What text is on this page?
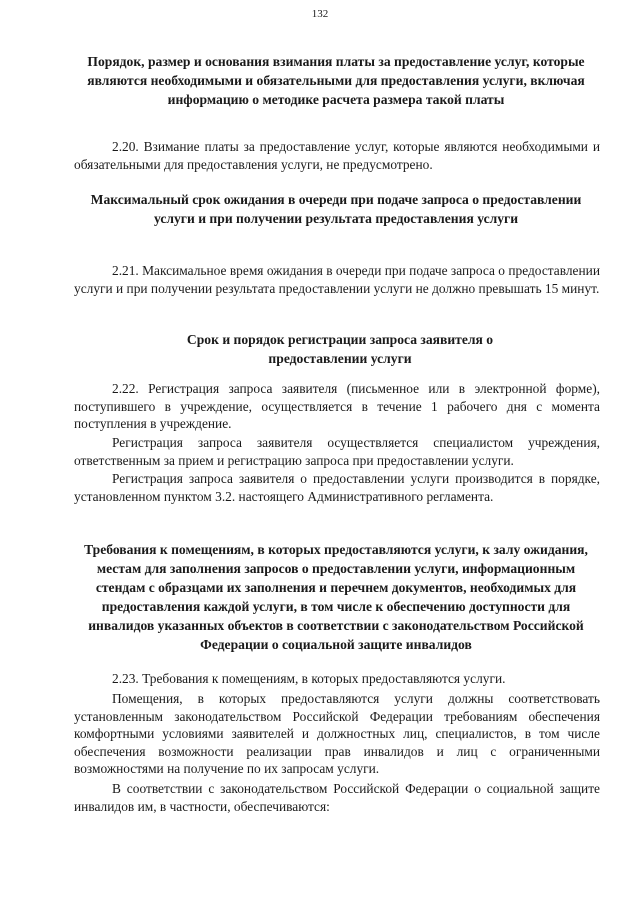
132
Порядок, размер и основания взимания платы за предоставление услуг, которые являются необходимыми и обязательными для предоставления услуги, включая информацию о методике расчета размера такой платы
2.20. Взимание платы за предоставление услуг, которые являются необходимыми и обязательными для предоставления услуги, не предусмотрено.
Максимальный срок ожидания в очереди при подаче запроса о предоставлении услуги и при получении результата предоставления услуги
2.21. Максимальное время ожидания в очереди при подаче запроса о предоставлении услуги и при получении результата предоставлении услуги не должно превышать 15 минут.
Срок и порядок регистрации запроса заявителя о предоставлении услуги
2.22. Регистрация запроса заявителя (письменное или в электронной форме), поступившего в учреждение, осуществляется в течение 1 рабочего дня с момента поступления в учреждение.
Регистрация запроса заявителя осуществляется специалистом учреждения, ответственным за прием и регистрацию запроса при предоставлении услуги.
Регистрация запроса заявителя о предоставлении услуги производится в порядке, установленном пунктом 3.2. настоящего Административного регламента.
Требования к помещениям, в которых предоставляются услуги, к залу ожидания, местам для заполнения запросов о предоставлении услуги, информационным стендам с образцами их заполнения и перечнем документов, необходимых для предоставления каждой услуги, в том числе к обеспечению доступности для инвалидов указанных объектов в соответствии с законодательством Российской Федерации о социальной защите инвалидов
2.23. Требования к помещениям, в которых предоставляются услуги.
Помещения, в которых предоставляются услуги должны соответствовать установленным законодательством Российской Федерации требованиям обеспечения комфортными условиями заявителей и должностных лиц, специалистов, в том числе обеспечения возможности реализации прав инвалидов и лиц с ограниченными возможностями на получение по их запросам услуги.
В соответствии с законодательством Российской Федерации о социальной защите инвалидов им, в частности, обеспечиваются:
